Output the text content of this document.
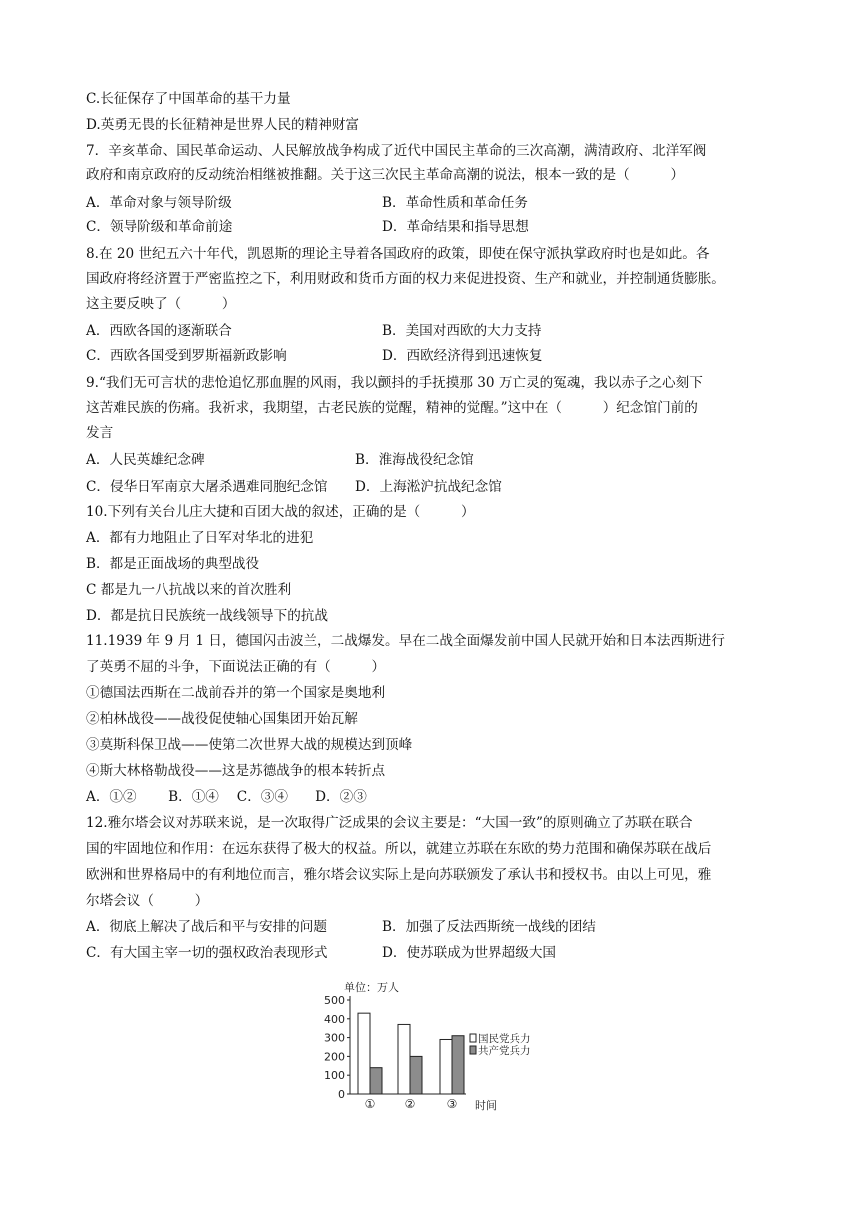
C.长征保存了中国革命的基干力量
D.英勇无畏的长征精神是世界人民的精神财富
7．辛亥革命、国民革命运动、人民解放战争构成了近代中国民主革命的三次高潮，满清政府、北洋军阀
政府和南京政府的反动统治相继被推翻。关于这三次民主革命高潮的说法，根本一致的是（　　　）
A．革命对象与领导阶级	B．革命性质和革命任务
C．领导阶级和革命前途	D．革命结果和指导思想
8.在 20 世纪五六十年代，凯恩斯的理论主导着各国政府的政策，即使在保守派执掌政府时也是如此。各
国政府将经济置于严密监控之下，利用财政和货币方面的权力来促进投资、生产和就业，并控制通货膨胀。
这主要反映了（　　　）
A．西欧各国的逐渐联合	B．美国对西欧的大力支持
C．西欧各国受到罗斯福新政影响	D．西欧经济得到迅速恢复
9.“我们无可言状的悲怆追忆那血腥的风雨，我以颤抖的手抚摸那 30 万亡灵的冤魂，我以赤子之心刻下
这苦难民族的伤痛。我祈求，我期望，古老民族的觉醒，精神的觉醒。”这中在（　　　）纪念馆门前的
发言
A．人民英雄纪念碑	B．淮海战役纪念馆
C．侵华日军南京大屠杀遇难同胞纪念馆 D．上海淞沪抗战纪念馆
10.下列有关台儿庄大捷和百团大战的叙述，正确的是（　　　）
A．都有力地阻止了日军对华北的进犯
B．都是正面战场的典型战役
C 都是九一八抗战以来的首次胜利
D．都是抗日民族统一战线领导下的抗战
11.1939 年 9 月 1 日，德国闪击波兰，二战爆发。早在二战全面爆发前中国人民就开始和日本法西斯进行
了英勇不屈的斗争，下面说法正确的有（　　　）
①德国法西斯在二战前吞并的第一个国家是奥地利
②柏林战役——战役促使轴心国集团开始瓦解
③莫斯科保卫战——使第二次世界大战的规模达到顶峰
④斯大林格勒战役——这是苏德战争的根本转折点
A．①②　　 B．①④　 C．③④　　D．②③
12.雅尔塔会议对苏联来说，是一次取得广泛成果的会议主要是：“大国一致”的原则确立了苏联在联合
国的牢固地位和作用：在远东获得了极大的权益。所以，就建立苏联在东欧的势力范围和确保苏联在战后
欧洲和世界格局中的有利地位而言，雅尔塔会议实际上是向苏联颁发了承认书和授权书。由以上可见，雅
尔塔会议（　　　）
A．彻底上解决了战后和平与安排的问题	B．加强了反法西斯统一战线的团结
C．有大国主宰一切的强权政治表现形式	D．使苏联成为世界超级大国
单位：万人
0
100
200
300
400
500
① ②	③ 时间
国民党兵力
共产党兵力
